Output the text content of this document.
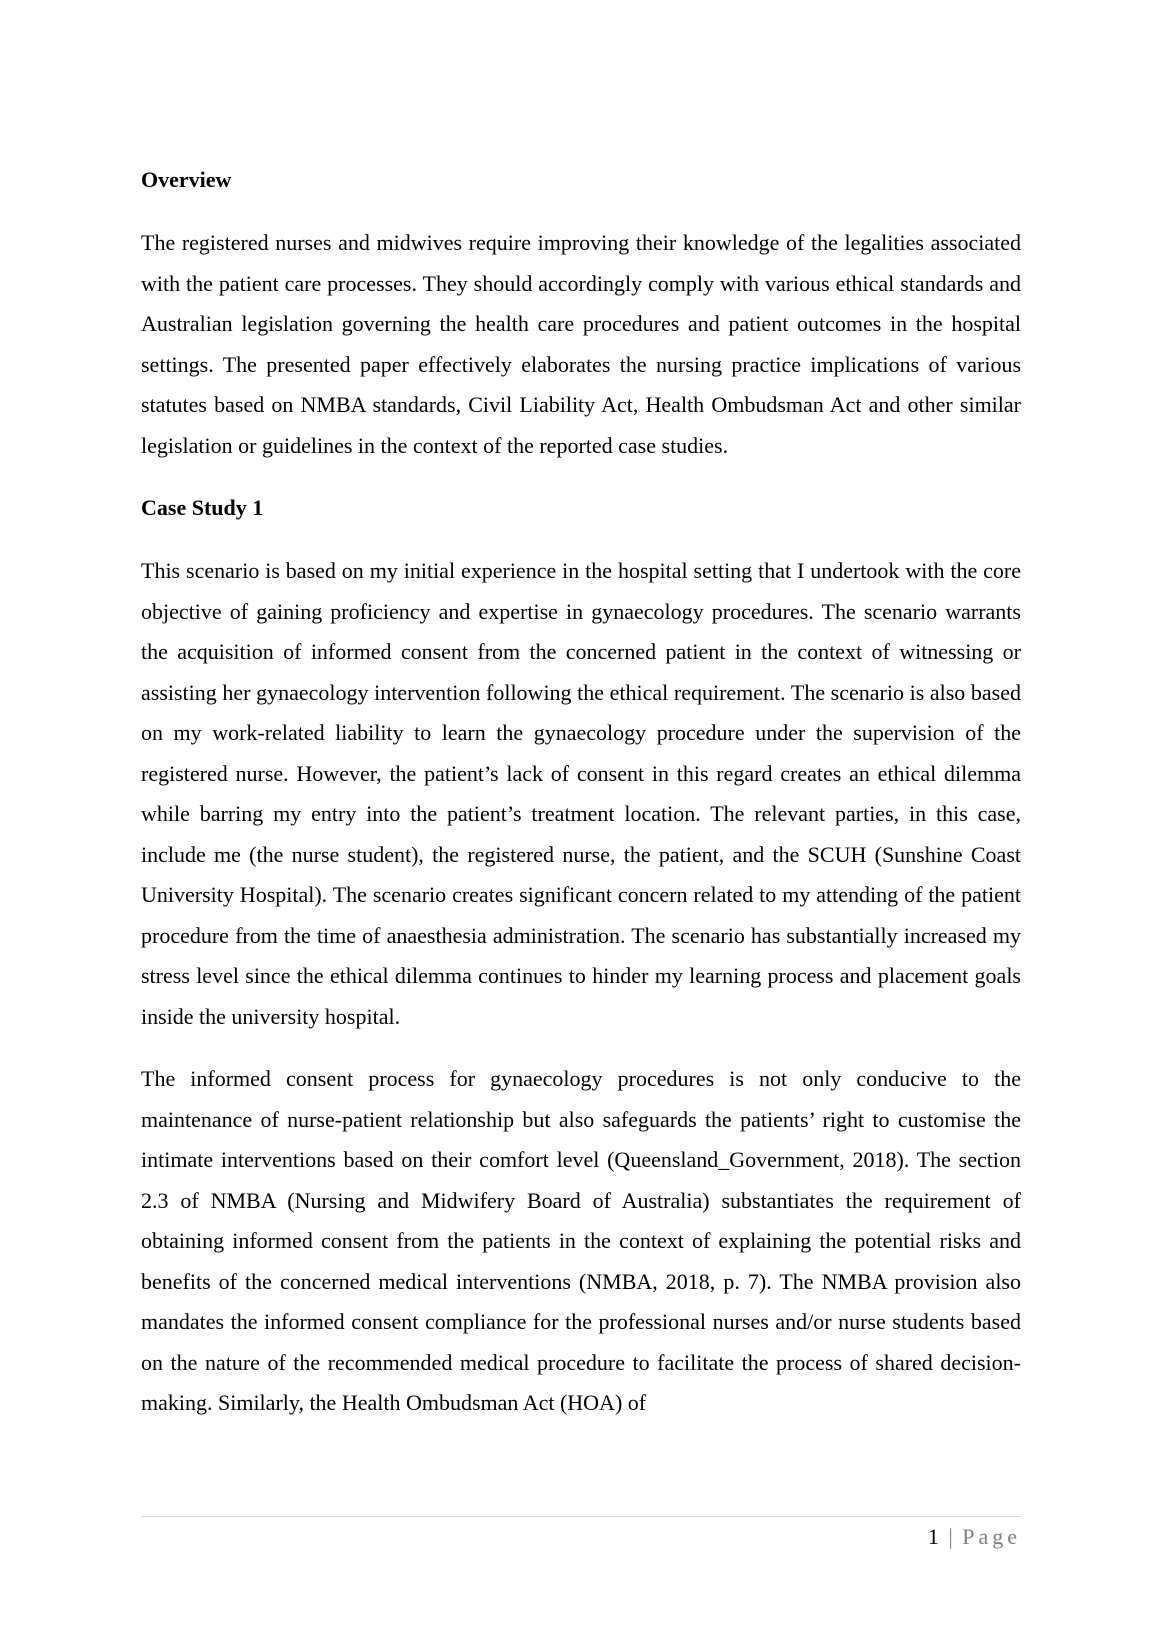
Overview

The registered nurses and midwives require improving their knowledge of the legalities associated with the patient care processes. They should accordingly comply with various ethical standards and Australian legislation governing the health care procedures and patient outcomes in the hospital settings. The presented paper effectively elaborates the nursing practice implications of various statutes based on NMBA standards, Civil Liability Act, Health Ombudsman Act and other similar legislation or guidelines in the context of the reported case studies.

Case Study 1

This scenario is based on my initial experience in the hospital setting that I undertook with the core objective of gaining proficiency and expertise in gynaecology procedures. The scenario warrants the acquisition of informed consent from the concerned patient in the context of witnessing or assisting her gynaecology intervention following the ethical requirement. The scenario is also based on my work-related liability to learn the gynaecology procedure under the supervision of the registered nurse. However, the patient’s lack of consent in this regard creates an ethical dilemma while barring my entry into the patient’s treatment location. The relevant parties, in this case, include me (the nurse student), the registered nurse, the patient, and the SCUH (Sunshine Coast University Hospital). The scenario creates significant concern related to my attending of the patient procedure from the time of anaesthesia administration. The scenario has substantially increased my stress level since the ethical dilemma continues to hinder my learning process and placement goals inside the university hospital.

The informed consent process for gynaecology procedures is not only conducive to the maintenance of nurse-patient relationship but also safeguards the patients’ right to customise the intimate interventions based on their comfort level (Queensland_Government, 2018). The section 2.3 of NMBA (Nursing and Midwifery Board of Australia) substantiates the requirement of obtaining informed consent from the patients in the context of explaining the potential risks and benefits of the concerned medical interventions (NMBA, 2018, p. 7). The NMBA provision also mandates the informed consent compliance for the professional nurses and/or nurse students based on the nature of the recommended medical procedure to facilitate the process of shared decision-making. Similarly, the Health Ombudsman Act (HOA) of

1 | Page
